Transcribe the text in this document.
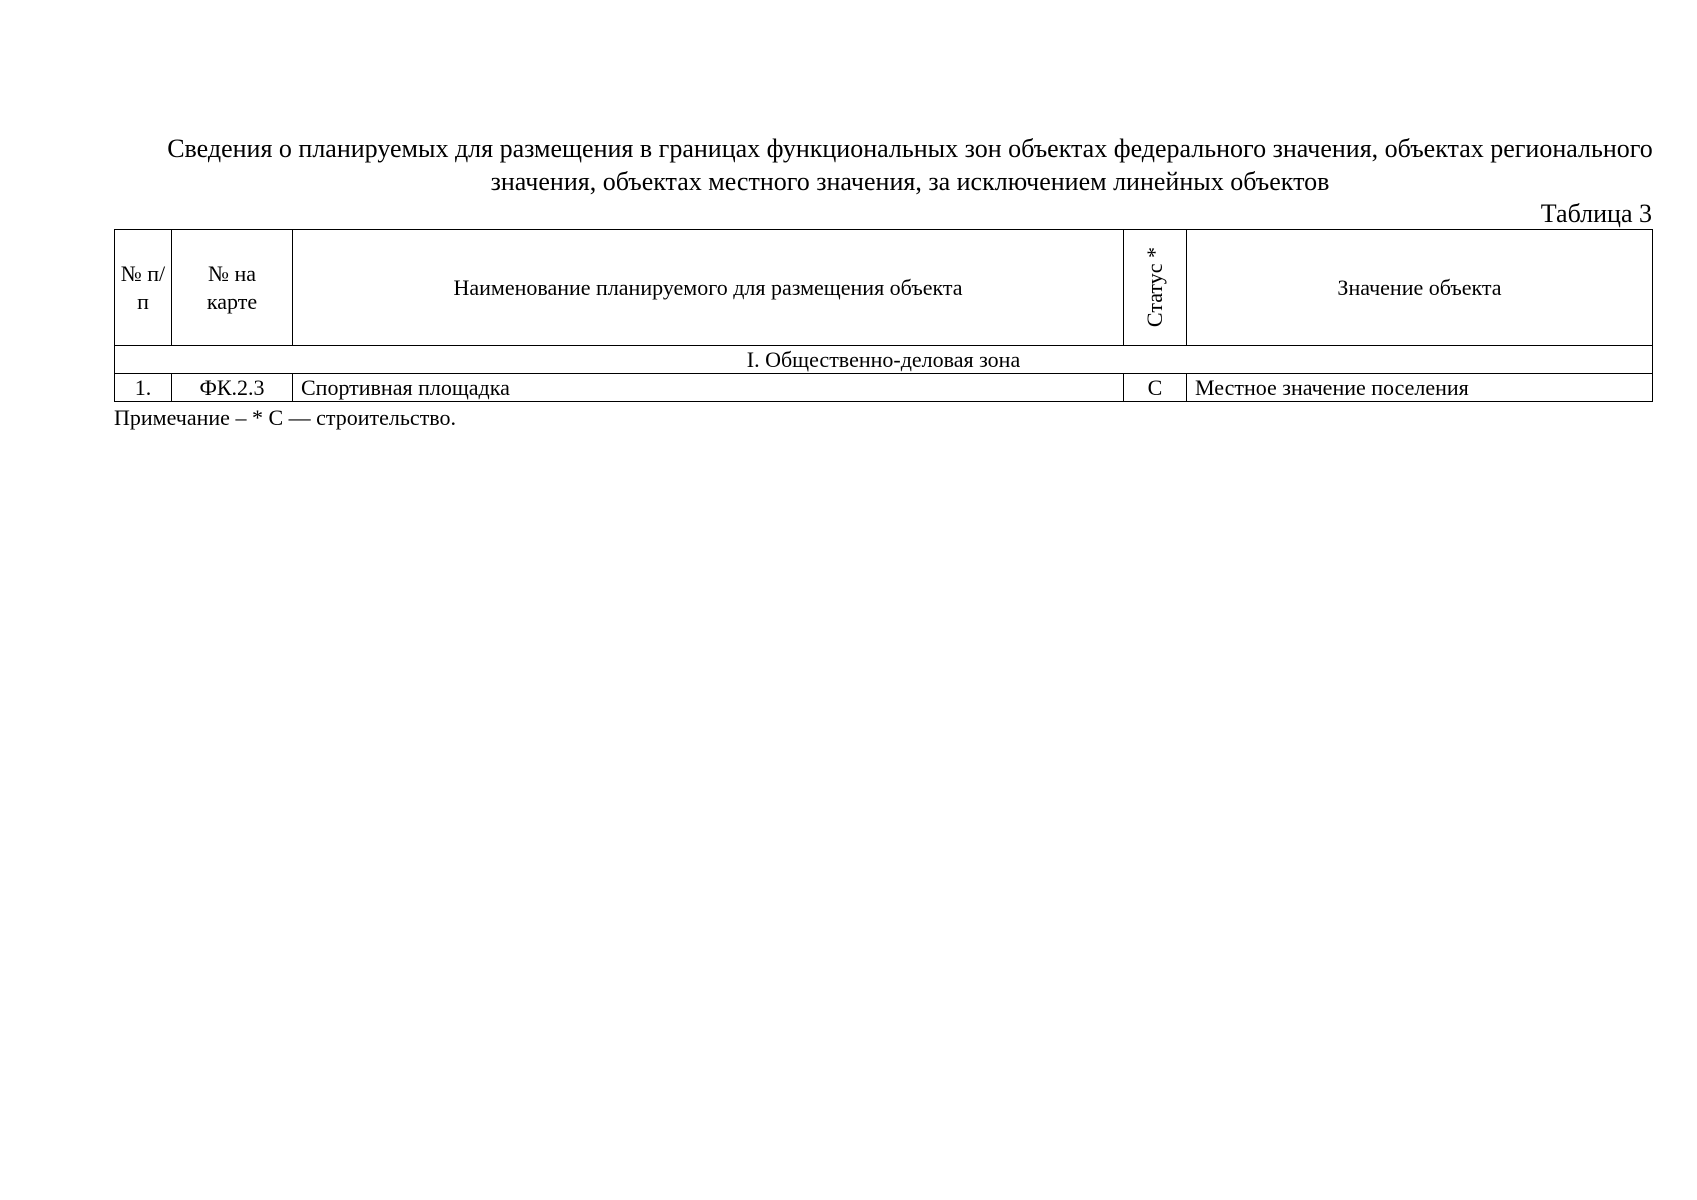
Сведения о планируемых для размещения в границах функциональных зон объектах федерального значения, объектах регионального значения, объектах местного значения, за исключением линейных объектов
Таблица 3
№ п/п	№ на карте	Наименование планируемого для размещения объекта	Статус *	Значение объекта
I. Общественно-деловая зона				
1.	ФК.2.3	Спортивная площадка	С	Местное значение поселения
Примечание – * С — строительство.
